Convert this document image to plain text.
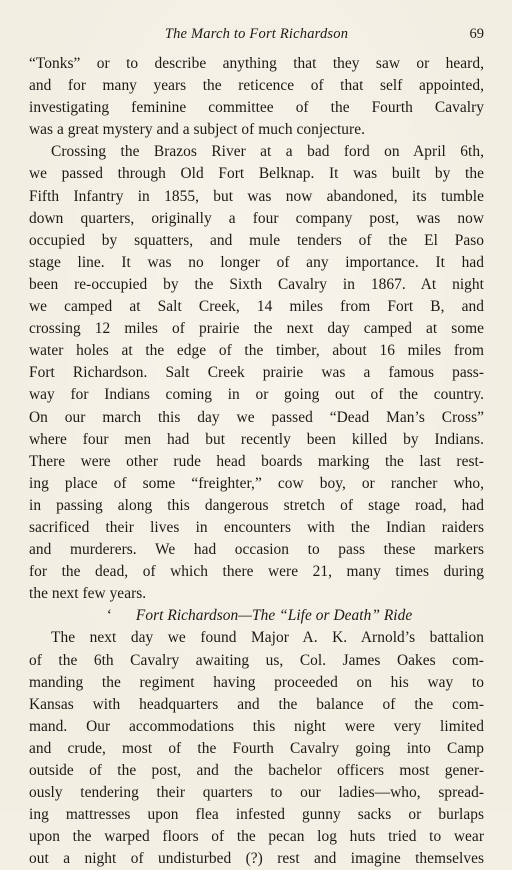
The March to Fort Richardson	69
“Tonks” or to describe anything that they saw or heard,
and for many years the reticence of that self appointed,
investigating feminine committee of the Fourth Cavalry
was a great mystery and a subject of much conjecture.
Crossing the Brazos River at a bad ford on April 6th,
we passed through Old Fort Belknap. It was built by the
Fifth Infantry in 1855, but was now abandoned, its tumble
down quarters, originally a four company post, was now
occupied by squatters, and mule tenders of the El Paso
stage line. It was no longer of any importance. It had
been re-occupied by the Sixth Cavalry in 1867. At night
we camped at Salt Creek, 14 miles from Fort B, and
crossing 12 miles of prairie the next day camped at some
water holes at the edge of the timber, about 16 miles from
Fort Richardson. Salt Creek prairie was a famous pass-
way for Indians coming in or going out of the country.
On our march this day we passed “Dead Man’s Cross”
where four men had but recently been killed by Indians.
There were other rude head boards marking the last rest-
ing place of some “freighter,” cow boy, or rancher who,
in passing along this dangerous stretch of stage road, had
sacrificed their lives in encounters with the Indian raiders
and murderers. We had occasion to pass these markers
for the dead, of which there were 21, many times during
the next few years.
‘ Fort Richardson—The “Life or Death” Ride
The next day we found Major A. K. Arnold’s battalion
of the 6th Cavalry awaiting us, Col. James Oakes com-
manding the regiment having proceeded on his way to
Kansas with headquarters and the balance of the com-
mand. Our accommodations this night were very limited
and crude, most of the Fourth Cavalry going into Camp
outside of the post, and the bachelor officers most gener-
ously tendering their quarters to our ladies—who, spread-
ing mattresses upon flea infested gunny sacks or burlaps
upon the warped floors of the pecan log huts tried to wear
out a night of undisturbed (?) rest and imagine themselves
